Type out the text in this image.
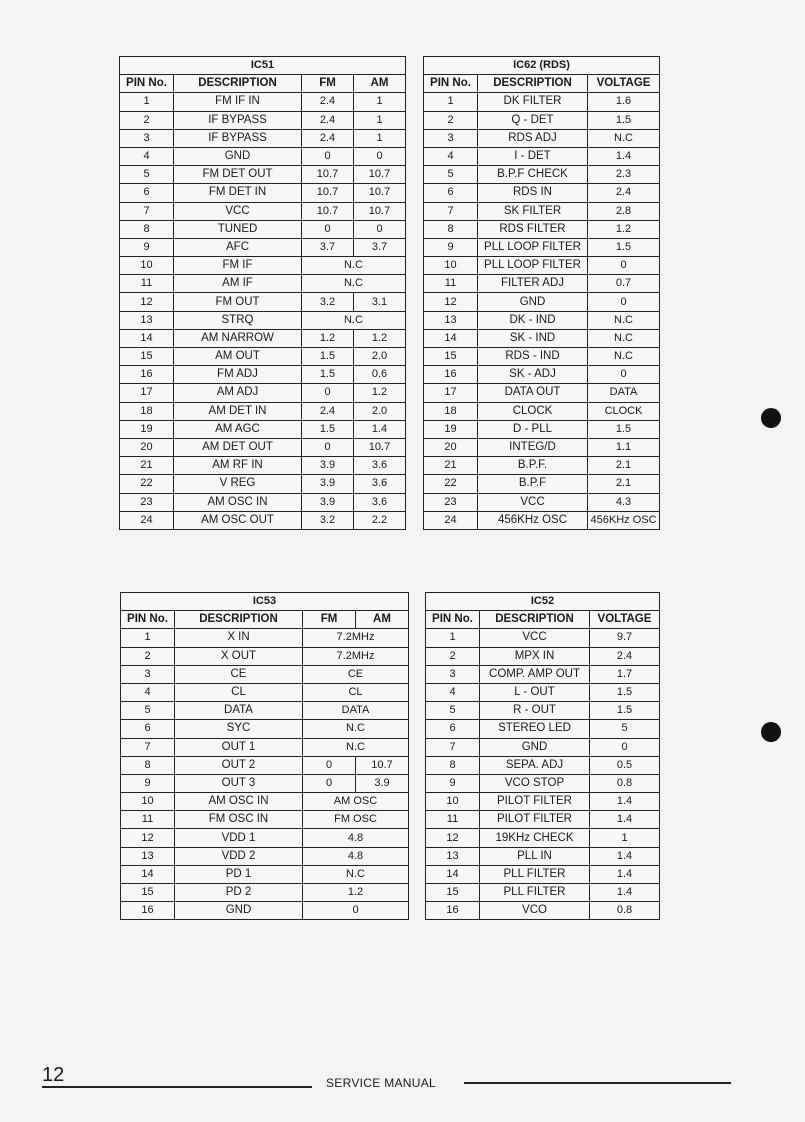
IC51			
PIN No.	DESCRIPTION	FM	AM
1	FM IF IN	2.4	1
2	IF BYPASS	2.4	1
3	IF BYPASS	2.4	1
4	GND	0	0
5	FM DET OUT	10.7	10.7
6	FM DET IN	10.7	10.7
7	VCC	10.7	10.7
8	TUNED	0	0
9	AFC	3.7	3.7
10	FM IF	N.C	
11	AM IF	N.C	
12	FM OUT	3.2	3.1
13	STRQ	N.C	
14	AM NARROW	1.2	1.2
15	AM OUT	1.5	2.0
16	FM ADJ	1.5	0.6
17	AM ADJ	0	1.2
18	AM DET IN	2.4	2.0
19	AM AGC	1.5	1.4
20	AM DET OUT	0	10.7
21	AM RF IN	3.9	3.6
22	V REG	3.9	3.6
23	AM OSC IN	3.9	3.6
24	AM OSC OUT	3.2	2.2
IC62 (RDS)		
PIN No.	DESCRIPTION	VOLTAGE
1	DK FILTER	1.6
2	Q - DET	1.5
3	RDS ADJ	N.C
4	I - DET	1.4
5	B.P.F CHECK	2.3
6	RDS IN	2.4
7	SK FILTER	2.8
8	RDS FILTER	1.2
9	PLL LOOP FILTER	1.5
10	PLL LOOP FILTER	0
11	FILTER ADJ	0.7
12	GND	0
13	DK - IND	N.C
14	SK - IND	N.C
15	RDS - IND	N.C
16	SK - ADJ	0
17	DATA OUT	DATA
18	CLOCK	CLOCK
19	D - PLL	1.5
20	INTEG/D	1.1
21	B.P.F.	2.1
22	B.P.F	2.1
23	VCC	4.3
24	456KHz OSC	456KHz OSC
IC53			
PIN No.	DESCRIPTION	FM	AM
1	X IN	7.2MHz	
2	X OUT	7.2MHz	
3	CE	CE	
4	CL	CL	
5	DATA	DATA	
6	SYC	N.C	
7	OUT 1	N.C	
8	OUT 2	0	10.7
9	OUT 3	0	3.9
10	AM OSC IN	AM OSC	
11	FM OSC IN	FM OSC	
12	VDD 1	4.8	
13	VDD 2	4.8	
14	PD 1	N.C	
15	PD 2	1.2	
16	GND	0	
IC52		
PIN No.	DESCRIPTION	VOLTAGE
1	VCC	9.7
2	MPX IN	2.4
3	COMP. AMP OUT	1.7
4	L - OUT	1.5
5	R - OUT	1.5
6	STEREO LED	5
7	GND	0
8	SEPA. ADJ	0.5
9	VCO STOP	0.8
10	PILOT FILTER	1.4
11	PILOT FILTER	1.4
12	19KHz CHECK	1
13	PLL IN	1.4
14	PLL FILTER	1.4
15	PLL FILTER	1.4
16	VCO	0.8
12	SERVICE MANUAL
